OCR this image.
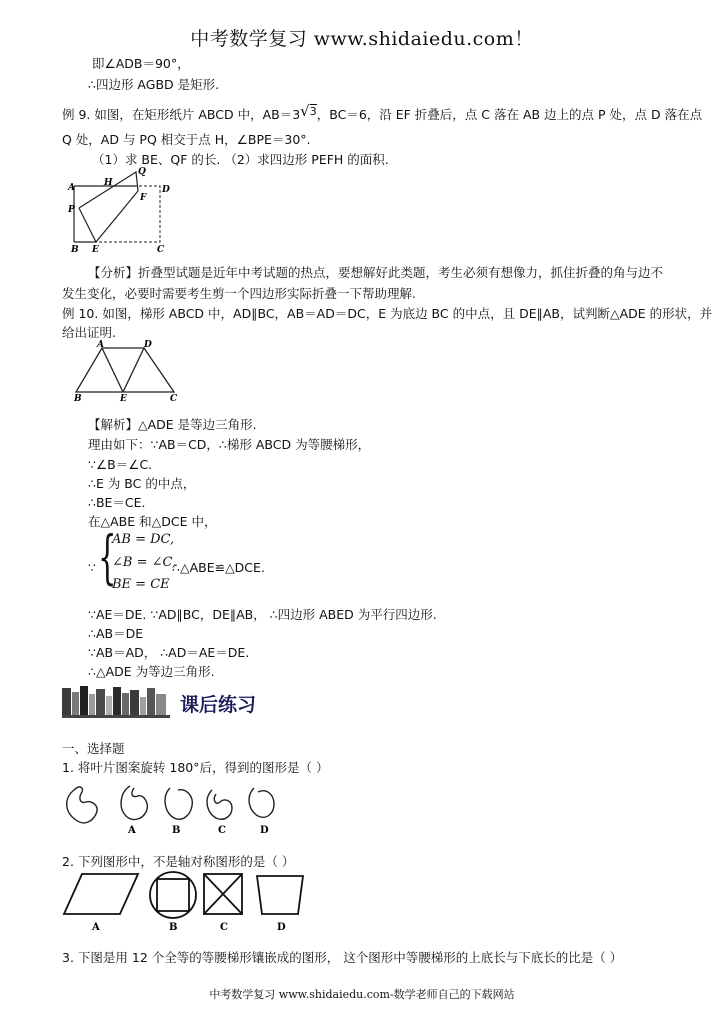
中考数学复习 www.shidaiedu.com！
即∠ADB＝90°，
∴四边形 AGBD 是矩形.
例 9. 如图，在矩形纸片 ABCD 中，AB＝3√3，BC＝6，沿 EF 折叠后，点 C 落在 AB 边上的点 P 处，点 D 落在点
Q 处，AD 与 PQ 相交于点 H，∠BPE＝30°.
（1）求 BE、QF 的长. （2）求四边形 PEFH 的面积.
A	H
Q
D
F
P
B E	C
【分析】折叠型试题是近年中考试题的热点，要想解好此类题，考生必须有想像力，抓住折叠的角与边不
发生变化，必要时需要考生剪一个四边形实际折叠一下帮助理解.
例 10. 如图，梯形 ABCD 中，AD∥BC，AB＝AD＝DC，E 为底边 BC 的中点，且 DE∥AB，试判断△ADE 的形状，并
给出证明.
A	D
B	E	C
【解析】△ADE 是等边三角形.
理由如下：∵AB＝CD，∴梯形 ABCD 为等腰梯形，
∵∠B＝∠C.
∴E 为 BC 的中点，
∴BE＝CE.
在△ABE 和△DCE 中，
∵ {
AB = DC,
∠B = ∠C,
BE = CE
∴△ABE≌△DCE.
∵AE＝DE. ∵AD∥BC，DE∥AB， ∴四边形 ABED 为平行四边形.
∴AB＝DE
∵AB＝AD， ∴AD＝AE＝DE.
∴△ADE 为等边三角形.
课后练习
一、选择题
1. 将叶片图案旋转 180°后，得到的图形是（ ）
A	B	C	D
2. 下列图形中，不是轴对称图形的是（ ）
A	B	C	D
3. 下图是用 12 个全等的等腰梯形镶嵌成的图形， 这个图形中等腰梯形的上底长与下底长的比是（ ）
中考数学复习 www.shidaiedu.com-数学老师自己的下载网站
